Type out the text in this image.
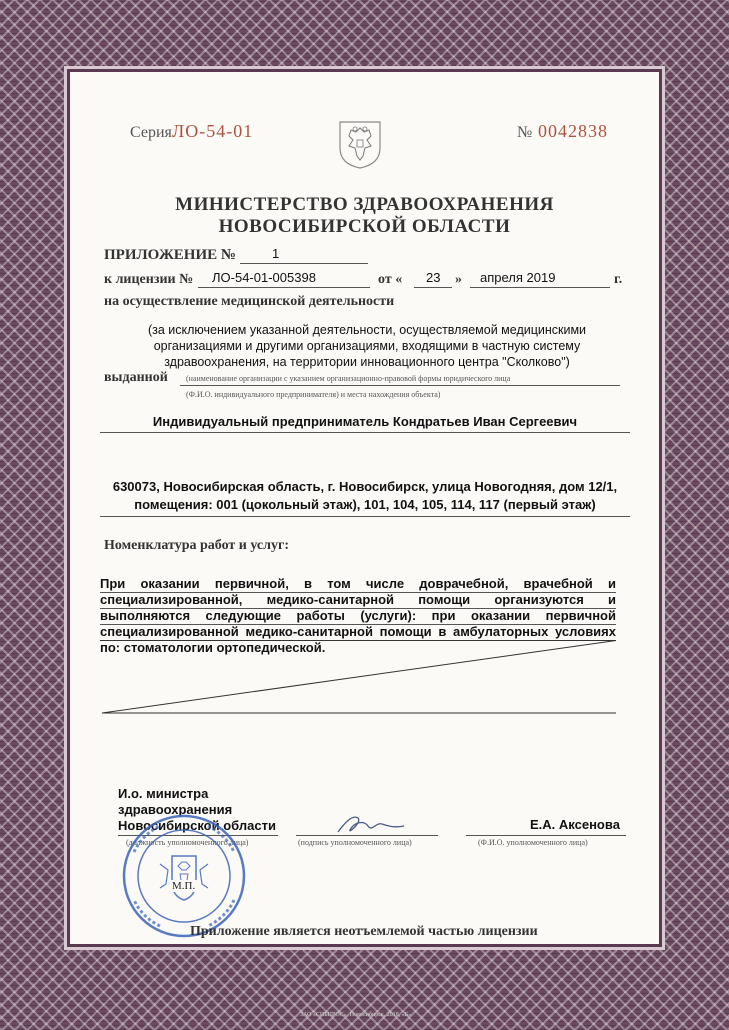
Серия ЛО-54-01	№ 0042838
МИНИСТЕРСТВО ЗДРАВООХРАНЕНИЯ
НОВОСИБИРСКОЙ ОБЛАСТИ
ПРИЛОЖЕНИЕ №	1
к лицензии № ЛО-54-01-005398	от « 23 » апреля 2019	г.
на осуществление медицинской деятельности
(за исключением указанной деятельности, осуществляемой медицинскими организациями и другими организациями, входящими в частную систему здравоохранения, на территории инновационного центра "Сколково")
выданной (наименование организации с указанием организационно-правовой формы юридического лица
(Ф.И.О. индивидуального предпринимателя) и места нахождения объекта)
Индивидуальный предприниматель Кондратьев Иван Сергеевич
630073, Новосибирская область, г. Новосибирск, улица Новогодняя, дом 12/1,
помещения: 001 (цокольный этаж), 101, 104, 105, 114, 117 (первый этаж)
Номенклатура работ и услуг:
При оказании первичной, в том числе доврачебной, врачебной и специализированной, медико-санитарной помощи организуются и выполняются следующие работы (услуги): при оказании первичной специализированной медико-санитарной помощи в амбулаторных условиях по: стоматологии ортопедической.
И.о. министра
здравоохранения
Новосибирской области
(должность уполномоченного лица)	(подпись уполномоченного лица)
Е.А. Аксенова
(Ф.И.О. уполномоченного лица)
М.П.
Приложение является неотъемлемой частью лицензии
ЗАО «СИБПРОС», Новосибирск, 2018, «Б»
